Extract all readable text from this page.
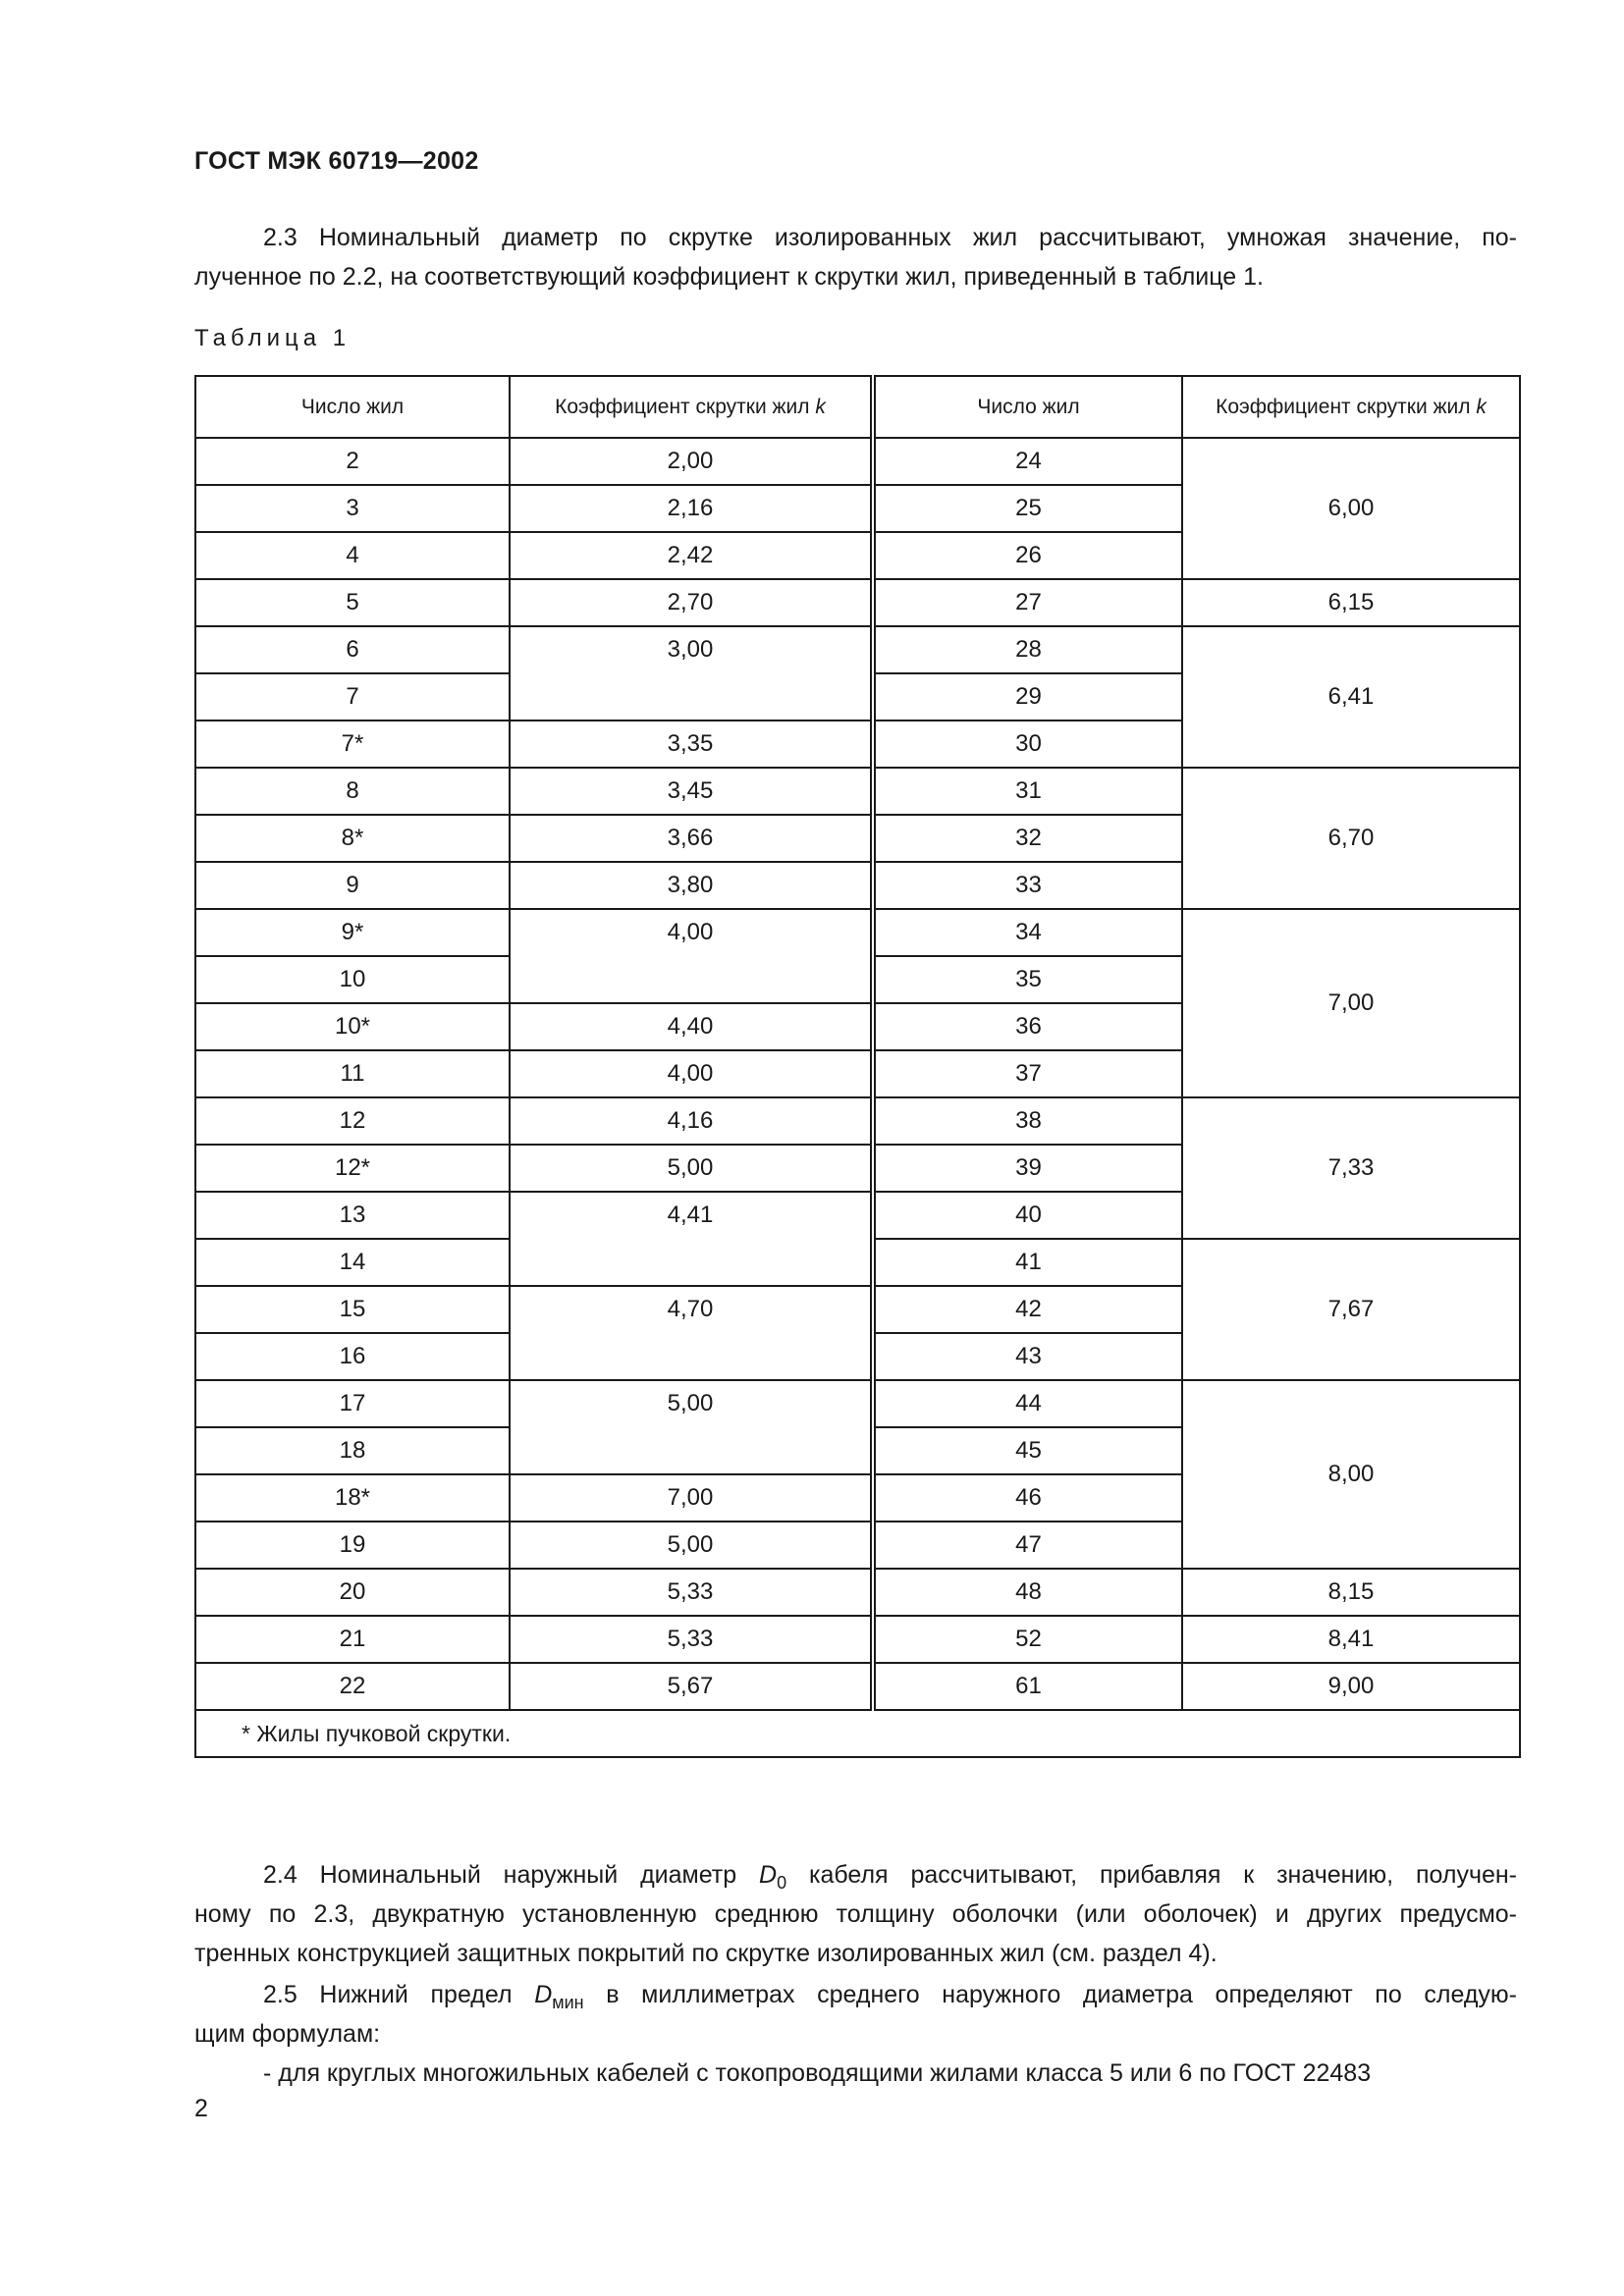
ГОСТ МЭК 60719—2002
2.3 Номинальный диаметр по скрутке изолированных жил рассчитывают, умножая значение, по-
лученное по 2.2, на соответствующий коэффициент к скрутки жил, приведенный в таблице 1.
Таблица 1
Число жил	Коэффициент скрутки жил k	Число жил	Коэффициент скрутки жил k
2	2,00	24	6,00
3	2,16	25	
4	2,42	26	
5	2,70	27	6,15
6	3,00	28	6,41
7		29	
7*	3,35	30	
8	3,45	31	6,70
8*	3,66	32	
9	3,80	33	
9*	4,00	34	7,00
10		35	
10*	4,40	36	
11	4,00	37	
12	4,16	38	7,33
12*	5,00	39	
13	4,41	40	
14		41	7,67
15	4,70	42	
16		43	
17	5,00	44	8,00
18		45	
18*	7,00	46	
19	5,00	47	
20	5,33	48	8,15
21	5,33	52	8,41
22	5,67	61	9,00
* Жилы пучковой скрутки.			
2.4 Номинальный наружный диаметр $D_0$ кабеля рассчитывают, прибавляя к значению, получен-
ному по 2.3, двукратную установленную среднюю толщину оболочки (или оболочек) и других предусмо-
тренных конструкцией защитных покрытий по скрутке изолированных жил (см. раздел 4).
2.5 Нижний предел $D_{мин}$ в миллиметрах среднего наружного диаметра определяют по следую-
щим формулам:
- для круглых многожильных кабелей с токопроводящими жилами класса 5 или 6 по ГОСТ 22483
2
